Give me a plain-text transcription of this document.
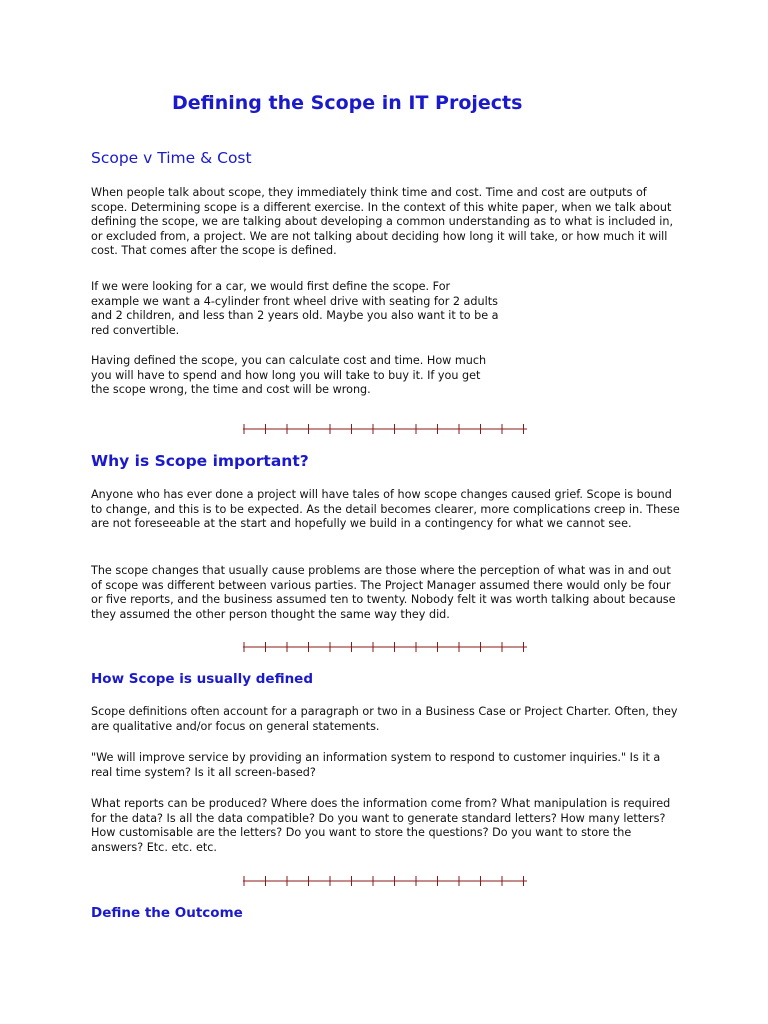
Defining the Scope in IT Projects
Scope v Time & Cost

When people talk about scope, they immediately think time and cost. Time and cost are outputs of scope. Determining scope is a different exercise. In the context of this white paper, when we talk about defining the scope, we are talking about developing a common understanding as to what is included in, or excluded from, a project. We are not talking about deciding how long it will take, or how much it will cost. That comes after the scope is defined.

If we were looking for a car, we would first define the scope. For example we want a 4-cylinder front wheel drive with seating for 2 adults and 2 children, and less than 2 years old. Maybe you also want it to be a red convertible.

Having defined the scope, you can calculate cost and time. How much you will have to spend and how long you will take to buy it. If you get the scope wrong, the time and cost will be wrong.

Why is Scope important?

Anyone who has ever done a project will have tales of how scope changes caused grief. Scope is bound to change, and this is to be expected. As the detail becomes clearer, more complications creep in. These are not foreseeable at the start and hopefully we build in a contingency for what we cannot see.

The scope changes that usually cause problems are those where the perception of what was in and out of scope was different between various parties. The Project Manager assumed there would only be four or five reports, and the business assumed ten to twenty. Nobody felt it was worth talking about because they assumed the other person thought the same way they did.

How Scope is usually defined

Scope definitions often account for a paragraph or two in a Business Case or Project Charter. Often, they are qualitative and/or focus on general statements.

"We will improve service by providing an information system to respond to customer inquiries." Is it a real time system? Is it all screen-based?

What reports can be produced? Where does the information come from? What manipulation is required for the data? Is all the data compatible? Do you want to generate standard letters? How many letters? How customisable are the letters? Do you want to store the questions? Do you want to store the answers? Etc. etc. etc.

Define the Outcome
